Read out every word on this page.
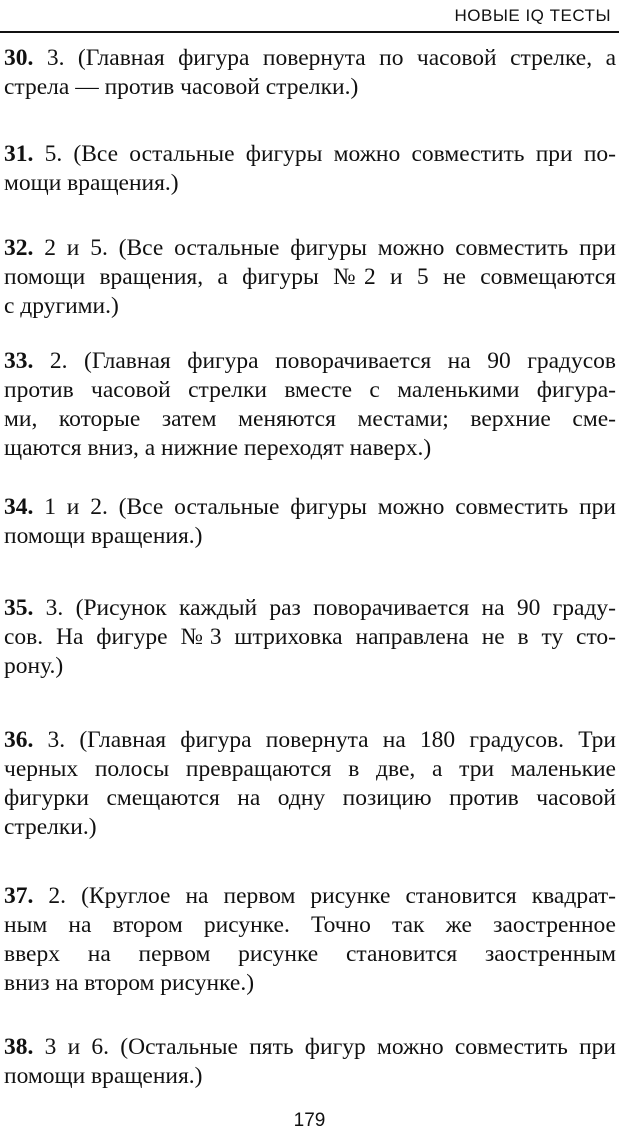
НОВЫЕ IQ ТЕСТЫ
30. 3. (Главная фигура повернута по часовой стрелке, а
стрела — против часовой стрелки.)
31. 5. (Все остальные фигуры можно совместить при по-
мощи вращения.)
32. 2 и 5. (Все остальные фигуры можно совместить при
помощи вращения, а фигуры №2 и 5 не совмещаются
с другими.)
33. 2. (Главная фигура поворачивается на 90 градусов
против часовой стрелки вместе с маленькими фигура-
ми, которые затем меняются местами; верхние сме-
щаются вниз, а нижние переходят наверх.)
34. 1 и 2. (Все остальные фигуры можно совместить при
помощи вращения.)
35. 3. (Рисунок каждый раз поворачивается на 90 граду-
сов. На фигуре №3 штриховка направлена не в ту сто-
рону.)
36. 3. (Главная фигура повернута на 180 градусов. Три
черных полосы превращаются в две, а три маленькие
фигурки смещаются на одну позицию против часовой
стрелки.)
37. 2. (Круглое на первом рисунке становится квадрат-
ным на втором рисунке. Точно так же заостренное
вверх на первом рисунке становится заостренным
вниз на втором рисунке.)
38. 3 и 6. (Остальные пять фигур можно совместить при
помощи вращения.)
179
